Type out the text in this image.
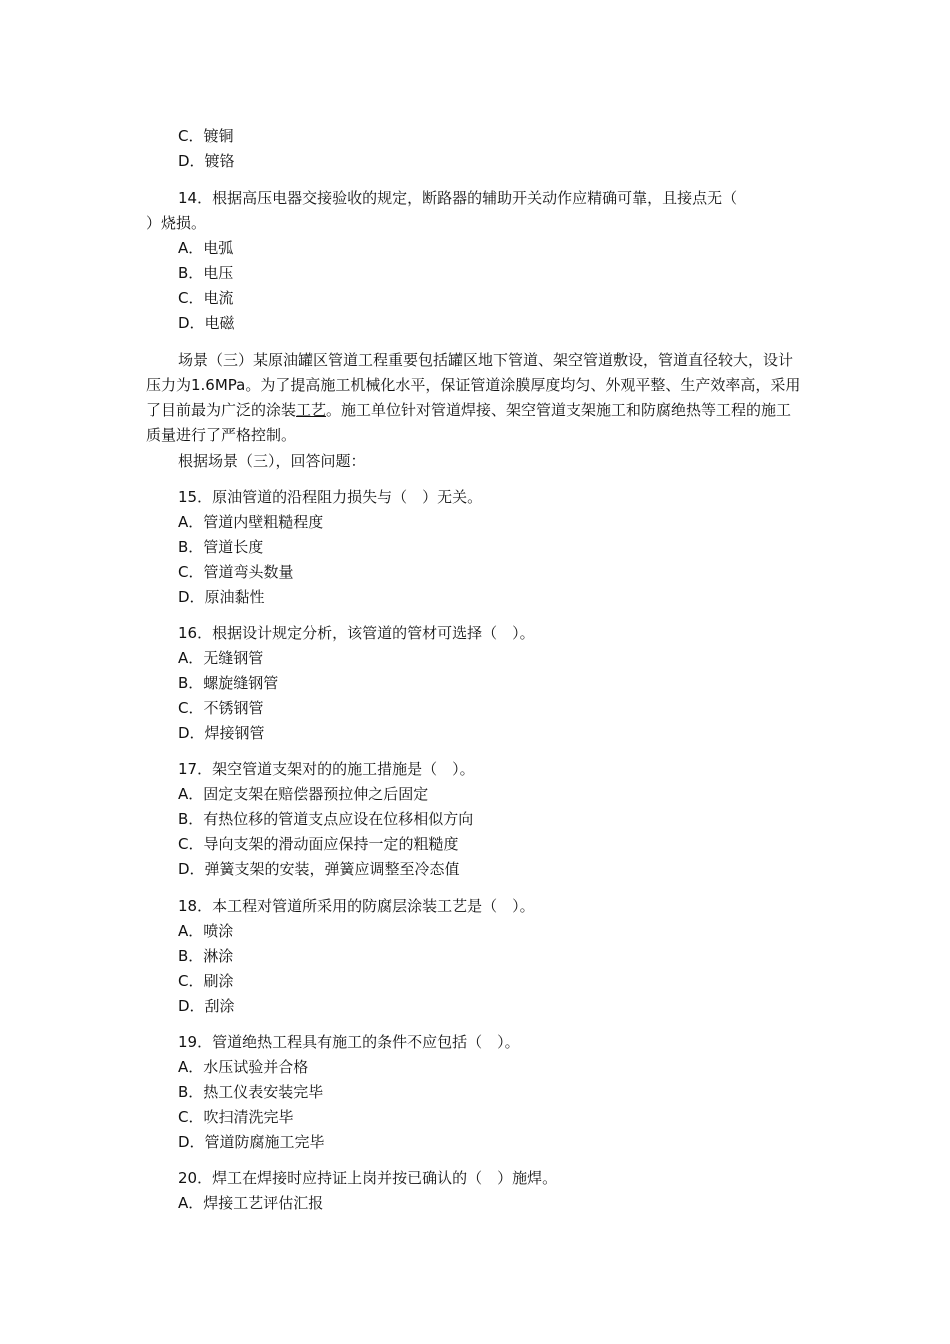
C．镀铜
D．镀铬
14．根据高压电器交接验收的规定，断路器的辅助开关动作应精确可靠，且接点无（
）烧损。
A．电弧
B．电压
C．电流
D．电磁
场景（三）某原油罐区管道工程重要包括罐区地下管道、架空管道敷设，管道直径较大，设计压力为1.6MPa。为了提高施工机械化水平，保证管道涂膜厚度均匀、外观平整、生产效率高，采用了目前最为广泛的涂装工艺。施工单位针对管道焊接、架空管道支架施工和防腐绝热等工程的施工质量进行了严格控制。
根据场景（三），回答问题：
15．原油管道的沿程阻力损失与（　）无关。
A．管道内壁粗糙程度
B．管道长度
C．管道弯头数量
D．原油黏性
16．根据设计规定分析，该管道的管材可选择（　）。
A．无缝钢管
B．螺旋缝钢管
C．不锈钢管
D．焊接钢管
17．架空管道支架对的的施工措施是（　）。
A．固定支架在赔偿器预拉伸之后固定
B．有热位移的管道支点应设在位移相似方向
C．导向支架的滑动面应保持一定的粗糙度
D．弹簧支架的安装，弹簧应调整至冷态值
18．本工程对管道所采用的防腐层涂装工艺是（　）。
A．喷涂
B．淋涂
C．刷涂
D．刮涂
19．管道绝热工程具有施工的条件不应包括（　）。
A．水压试验并合格
B．热工仪表安装完毕
C．吹扫清洗完毕
D．管道防腐施工完毕
20．焊工在焊接时应持证上岗并按已确认的（　）施焊。
A．焊接工艺评估汇报
